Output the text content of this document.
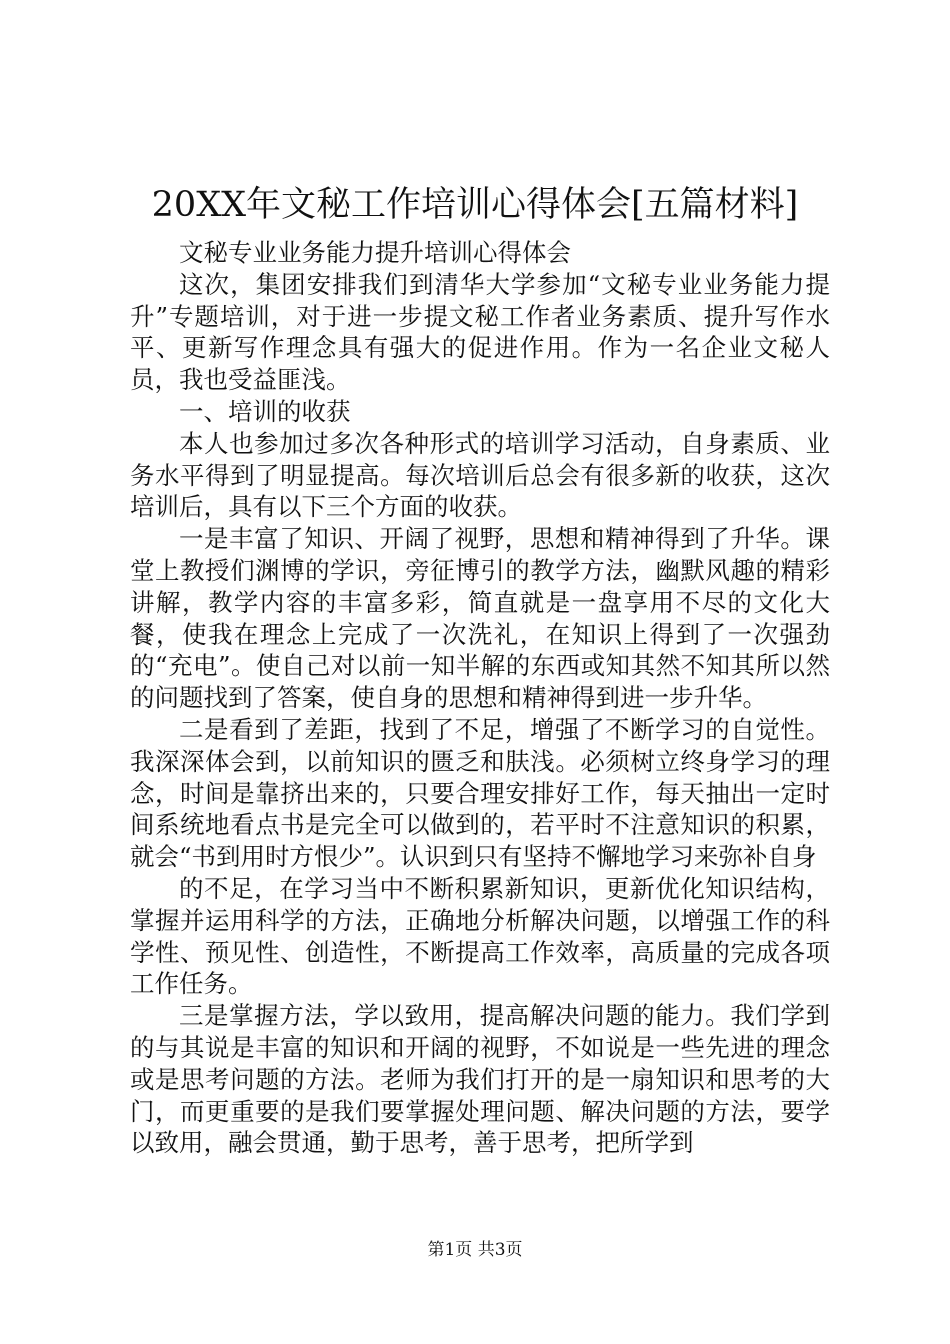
20XX年文秘工作培训心得体会[五篇材料]

文秘专业业务能力提升培训心得体会

这次，集团安排我们到清华大学参加“文秘专业业务能力提升”专题培训，对于进一步提文秘工作者业务素质、提升写作水平、更新写作理念具有强大的促进作用。作为一名企业文秘人员，我也受益匪浅。

一、培训的收获

本人也参加过多次各种形式的培训学习活动，自身素质、业务水平得到了明显提高。每次培训后总会有很多新的收获，这次培训后，具有以下三个方面的收获。

一是丰富了知识、开阔了视野，思想和精神得到了升华。课堂上教授们渊博的学识，旁征博引的教学方法，幽默风趣的精彩讲解，教学内容的丰富多彩，简直就是一盘享用不尽的文化大餐，使我在理念上完成了一次洗礼，在知识上得到了一次强劲的“充电”。使自己对以前一知半解的东西或知其然不知其所以然的问题找到了答案，使自身的思想和精神得到进一步升华。

二是看到了差距，找到了不足，增强了不断学习的自觉性。我深深体会到，以前知识的匮乏和肤浅。必须树立终身学习的理念，时间是靠挤出来的，只要合理安排好工作，每天抽出一定时间系统地看点书是完全可以做到的，若平时不注意知识的积累，就会“书到用时方恨少”。认识到只有坚持不懈地学习来弥补自身

的不足，在学习当中不断积累新知识，更新优化知识结构，掌握并运用科学的方法，正确地分析解决问题，以增强工作的科学性、预见性、创造性，不断提高工作效率，高质量的完成各项工作任务。

三是掌握方法，学以致用，提高解决问题的能力。我们学到的与其说是丰富的知识和开阔的视野，不如说是一些先进的理念或是思考问题的方法。老师为我们打开的是一扇知识和思考的大门，而更重要的是我们要掌握处理问题、解决问题的方法，要学以致用，融会贯通，勤于思考，善于思考，把所学到

第1页 共3页
